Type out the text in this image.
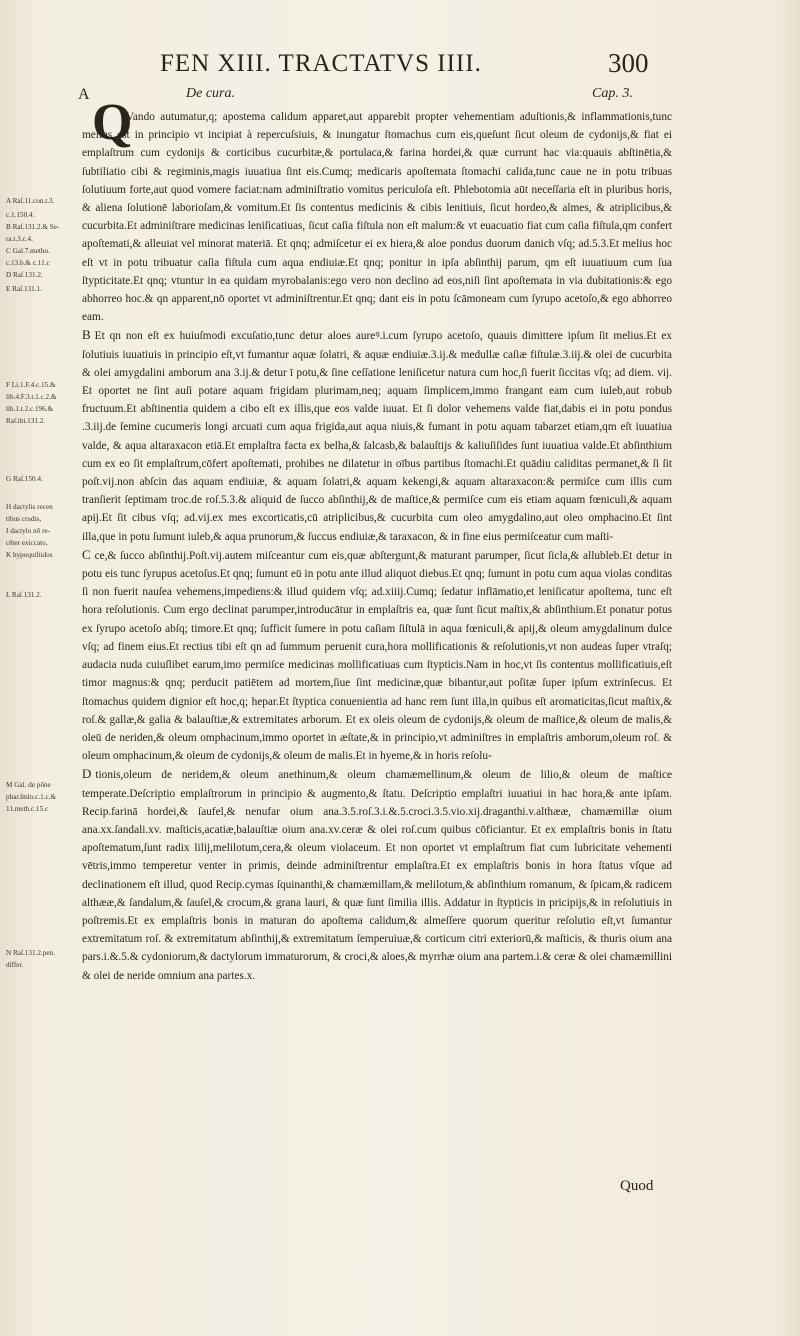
FEN XIII. TRACTATVS IIII.	300
A	De cura.	Cap. 3.
Q

Vando autumatur,q; apostema calidum apparet,aut apparebit propter vehementiam aduſtionis,& inflammationis,tunc melius est in principio vt incipiat à repercuſsiuis, & inungatur ſtomachus cum eis,queſunt ſicut oleum de cydonijs,& fiat ei emplaſtrum cum cydonijs & corticibus cucurbitæ,& portulaca,& farina hordei,& quæ currunt hac via:quauis abſtinētia,& ſubtiliatio cibi & regiminis,magis iuuatiua ſint eis.Cumq; medicaris apoſtemata ſtomachi calida,tunc caue ne in potu tribuas ſolutiuum forte,aut quod vomere faciat:nam adminiſtratio vomitus periculoſa eſt. Phlebotomia aūt neceſſaria eſt in pluribus horis, & aliena ſolutionē laborioſam,& vomitum.Et ſis contentus medicinis & cibis lenitiuis, ſicut hordeo,& almes, & atriplicibus,& cucurbita.Et adminiſtrare medicinas leniſicatiuas, ſicut caſia fiſtula non eſt malum:& vt euacuatio fiat cum caſia fiſtula,qm confert apoſtemati,& alleuiat vel minorat materiā. Et qnq; admiſcetur ei ex hiera,& aloe pondus duorum danich vſq; ad.5.3.Et melius hoc eſt vt in potu tribuatur caſia fiſtula cum aqua endiuiæ.Et qnq; ponitur in ipſa abſinthij parum, qm eſt iuuatiuum cum ſua ſtypticitate.Et qnq; vtuntur in ea quidam myrobalanis:ego vero non declino ad eos,niſi ſint apoſtemata in via dubitationis:& ego abhorreo hoc.& qn apparent,nō oportet vt adminiſtrentur.Et qnq; dant eis in potu ſcāmoneam cum ſyrupo acetoſo,& ego abhorreo eam.

B Et qn non eſt ex huiuſmodi excuſatio,tunc detur aloes aureꝰ.i.cum ſyrupo acetoſo, quauis dimittere ipſum ſit melius.Et ex ſolutiuis iuuatiuis in principio eſt,vt fumantur aquæ ſolatri, & aquæ endiuiæ.3.ij.& medullæ caſiæ fiſtulæ.3.iij.& olei de cucurbita & olei amygdalini amborum ana 3.ij.& detur ī potu,& ſine ceſſatione leniſicetur natura cum hoc,ſi fuerit ſiccitas vſq; ad diem. vij. Et oportet ne ſint auſi potare aquam frigidam plurimam,neq; aquam ſimplicem,immo frangant eam cum iuleb,aut robub fructuum.Et abſtinentia quidem a cibo eſt ex illis,que eos valde iuuat. Et ſi dolor vehemens valde fiat,dabis ei in potu pondus .3.iij.de ſemine cucumeris longi arcuati cum aqua frigida,aut aqua niuis,& fumant in potu aquam tabarzet etiam,qm eſt iuuatiua valde, & aqua altaraxacon etiā.Et emplaſtra facta ex belha,& ſalcasb,& balauſtijs & kaliuſiſides ſunt iuuatiua valde.Et abſinthium cum ex eo ſit emplaſtrum,cōfert apoſtemati, prohibes ne dilatetur in oībus partibus ſtomachi.Et quādiu caliditas permanet,& ſi ſit poſt.vij.non abſcin das aquam endiuiæ, & aquam ſolatri,& aquam kekengi,& aquam altaraxacon:& permiſce cum illis cum tranſierit ſeptimam troc.de roſ.5.3.& aliquid de ſucco abſinthij,& de maſtice,& permiſce cum eis etiam aquam fœniculi,& aquam apij.Et ſit cibus vſq; ad.vij.ex mes excorticatis,cū atriplicibus,& cucurbita cum oleo amygdalino,aut oleo omphacino.Et ſint illa,que in potu ſumunt iuleb,& aqua prunorum,& ſuccus endiuiæ,& taraxacon, & in fine eius permiſceatur cum maſti-

C ce,& ſucco abſinthij.Poſt.vij.autem miſceantur cum eis,quæ abſtergunt,& maturant parumper, ſicut ſicla,& allubleb.Et detur in potu eis tunc ſyrupus acetoſus.Et qnq; ſumunt eū in potu ante illud aliquot diebus.Et qnq; ſumunt in potu cum aqua violas conditas ſi non fuerit nauſea vehemens,impediens:& illud quidem vſq; ad.xiiij.Cumq; ſedatur inflāmatio,et leniſicatur apoſtema, tunc eſt hora reſolutionis. Cum ergo declinat parumper,introducātur in emplaſtris ea, quæ ſunt ſicut maſtix,& abſinthium.Et ponatur potus ex ſyrupo acetoſo abſq; timore.Et qnq; ſufficit ſumere in potu caſiam ſiſtulā in aqua fœniculi,& apij,& oleum amygdalinum dulce vſq; ad finem eius.Et rectius tibi eſt qn ad ſummum peruenit cura,hora mollificationis & reſolutionis,vt non audeas ſuper vtraſq; audacia nuda cuiuſlibet earum,imo permiſce medicinas mollificatiuas cum ſtypticis.Nam in hoc,vt ſis contentus mollificatiuis,eſt timor magnus:& qnq; perducit patiētem ad mortem,ſiue ſint medicinæ,quæ bibantur,aut poſitæ ſuper ipſum extrinſecus. Et ſtomachus quidem dignior eſt hoc,q; hepar.Et ſtyptica conuenientia ad hanc rem ſunt illa,in quibus eſt aromaticitas,ſicut maſtix,& roſ.& gallæ,& galia & balauſtiæ,& extremitates arborum. Et ex oleis oleum de cydonijs,& oleum de maſtice,& oleum de malis,& oleū de neriden,& oleum omphacinum,immo oportet in æſtate,& in principio,vt adminiſtres in emplaſtris amborum,oleum roſ. & oleum omphacinum,& oleum de cydonijs,& oleum de malis.Et in hyeme,& in horis reſolu-

D tionis,oleum de neridem,& oleum anethinum,& oleum chamæmellinum,& oleum de lilio,& oleum de maſtice temperate.Deſcriptio emplaſtrorum in principio & augmento,& ſtatu. Deſcriptio emplaſtri iuuatiui in hac hora,& ante ipſam. Recip.farinā hordei,& ſaufel,& nenufar oium ana.3.5.roſ.3.i.&.5.croci.3.5.vio.xij.draganthi.v.althææ, chamæmillæ oium ana.xx.ſandali.xv. maſticis,acatiæ,balauſtiæ oium ana.xv.ceræ & olei roſ.cum quibus cōficiantur. Et ex emplaſtris bonis in ſtatu apoſtematum,ſunt radix lilij,melilotum,cera,& oleum violaceum. Et non oportet vt emplaſtrum fiat cum lubricitate vehementi vētris,immo temperetur venter in primis, deinde adminiſtrentur emplaſtra.Et ex emplaſtris bonis in hora ſtatus vſque ad declinationem eſt illud, quod Recip.cymas ſquinanthi,& chamæmillam,& melilotum,& abſinthium romanum, & ſpicam,& radicem althææ,& ſandalum,& ſauſel,& crocum,& grana lauri, & quæ ſunt ſimilia illis. Addatur in ſtypticis in pricipijs,& in reſolutiuis in poſtremis.Et ex emplaſtris bonis in maturan do apoſtema calidum,& almeſſere quorum queritur reſolutio eſt,vt ſumantur extremitatum roſ. & extremitatum abſinthij,& extremitatum ſemperuiuæ,& corticum citri exteriorū,& maſticis, & thuris oium ana pars.i.&.5.& cydoniorum,& dactylorum immaturorum, & croci,& aloes,& myrrhæ oium ana partem.i.& ceræ & olei chamæmillini & olei de neride omnium ana partes.x.

A Raſ.11.con.t.3.
c.1.150.4.
B Raſ.131.2.& Se-
ra.t.3.c.4.
C Gal.7.metho.
c.13.b.& c.11.c
D Raſ.131.2.
E Raſ.131.1.
F Li.1.F.4.c.15.&
lib.4.F.3.t.1.c.2.&
lib.1.t.2.c.196.&
Raſ.ibi.131.2.
G Raſ.150.4.
H dactylis recen
tibus crudis,
I dactylo nō re-
cēter exiccato,
K hypoquiſtidos
L Raſ.131.2.
M Gal. de pōne
phar.ſmlo.c.1.c.&
11.meth.c.15.c
N Raſ.131.2.pen.
differ.
Quod
